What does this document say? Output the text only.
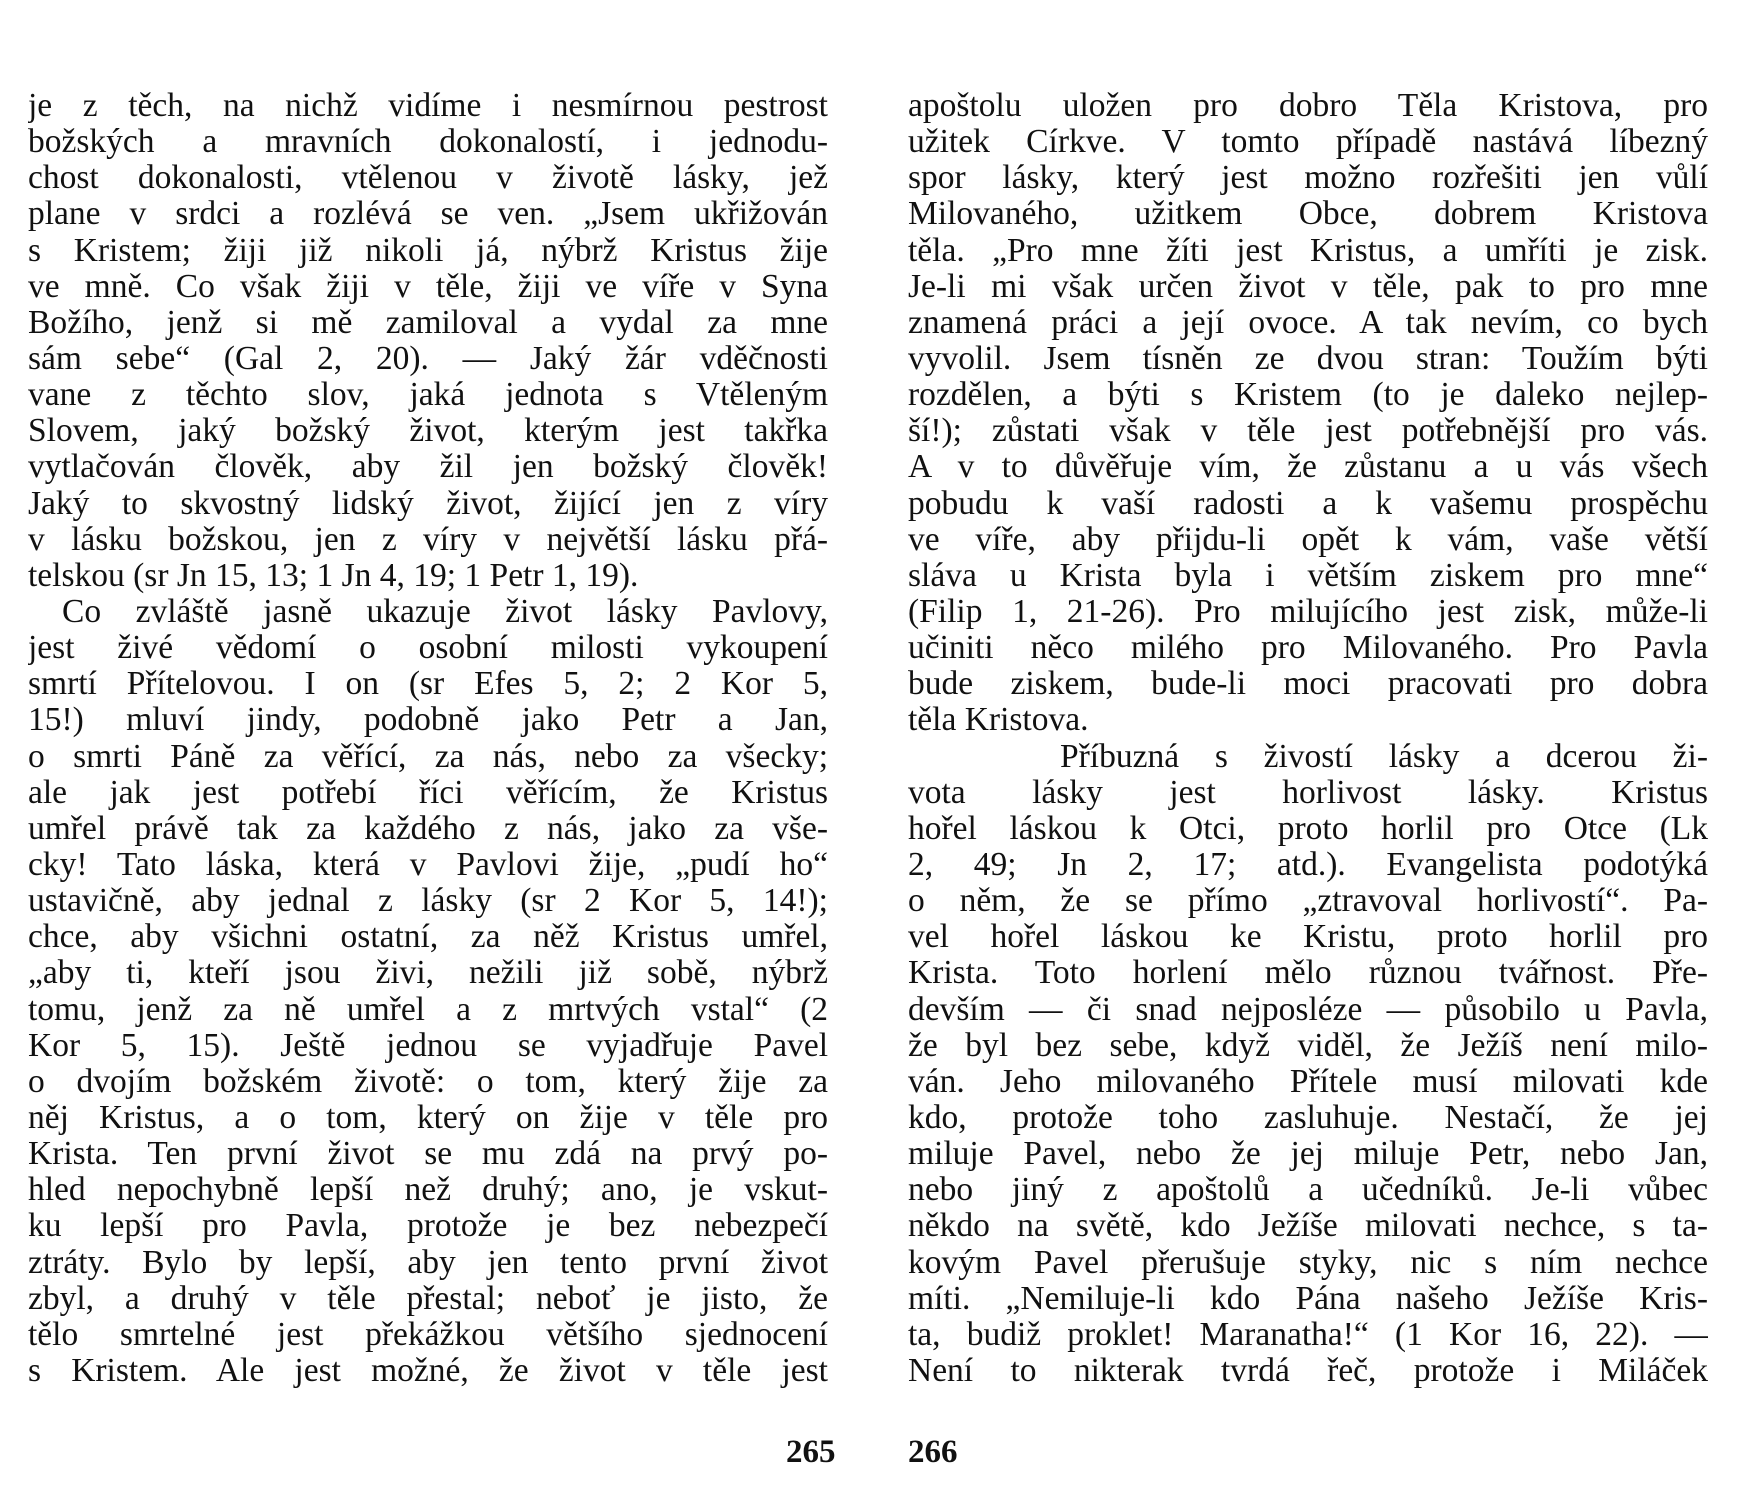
je z těch, na nichž vidíme i nesmírnou pestrost
božských a mravních dokonalostí, i jednodu-
chost dokonalosti, vtělenou v životě lásky, jež
plane v srdci a rozlévá se ven. „Jsem ukřižován
s Kristem; žiji již nikoli já, nýbrž Kristus žije
ve mně. Co však žiji v těle, žiji ve víře v Syna
Božího, jenž si mě zamiloval a vydal za mne
sám sebe“ (Gal 2, 20). — Jaký žár vděčnosti
vane z těchto slov, jaká jednota s Vtěleným
Slovem, jaký božský život, kterým jest takřka
vytlačován člověk, aby žil jen božský člověk!
Jaký to skvostný lidský život, žijící jen z víry
v lásku božskou, jen z víry v největší lásku přá-
telskou (sr Jn 15, 13; 1 Jn 4, 19; 1 Petr 1, 19).
Co zvláště jasně ukazuje život lásky Pavlovy,
jest živé vědomí o osobní milosti vykoupení
smrtí Přítelovou. I on (sr Efes 5, 2; 2 Kor 5,
15!) mluví jindy, podobně jako Petr a Jan,
o smrti Páně za věřící, za nás, nebo za všecky;
ale jak jest potřebí říci věřícím, že Kristus
umřel právě tak za každého z nás, jako za vše-
cky! Tato láska, která v Pavlovi žije, „pudí ho“
ustavičně, aby jednal z lásky (sr 2 Kor 5, 14!);
chce, aby všichni ostatní, za něž Kristus umřel,
„aby ti, kteří jsou živi, nežili již sobě, nýbrž
tomu, jenž za ně umřel a z mrtvých vstal“ (2
Kor 5, 15). Ještě jednou se vyjadřuje Pavel
o dvojím božském životě: o tom, který žije za
něj Kristus, a o tom, který on žije v těle pro
Krista. Ten první život se mu zdá na prvý po-
hled nepochybně lepší než druhý; ano, je vskut-
ku lepší pro Pavla, protože je bez nebezpečí
ztráty. Bylo by lepší, aby jen tento první život
zbyl, a druhý v těle přestal; neboť je jisto, že
tělo smrtelné jest překážkou většího sjednocení
s Kristem. Ale jest možné, že život v těle jest
apoštolu uložen pro dobro Těla Kristova, pro
užitek Církve. V tomto případě nastává líbezný
spor lásky, který jest možno rozřešiti jen vůlí
Milovaného, užitkem Obce, dobrem Kristova
těla. „Pro mne žíti jest Kristus, a umříti je zisk.
Je-li mi však určen život v těle, pak to pro mne
znamená práci a její ovoce. A tak nevím, co bych
vyvolil. Jsem tísněn ze dvou stran: Toužím býti
rozdělen, a býti s Kristem (to je daleko nejlep-
ší!); zůstati však v těle jest potřebnější pro vás.
A v to důvěřuje vím, že zůstanu a u vás všech
pobudu k vaší radosti a k vašemu prospěchu
ve víře, aby přijdu-li opět k vám, vaše větší
sláva u Krista byla i větším ziskem pro mne“
(Filip 1, 21-26). Pro milujícího jest zisk, může-li
učiniti něco milého pro Milovaného. Pro Pavla
bude ziskem, bude-li moci pracovati pro dobra
těla Kristova.
Příbuzná s živostí lásky a dcerou ži-
vota lásky jest horlivost lásky. Kristus
hořel láskou k Otci, proto horlil pro Otce (Lk
2, 49; Jn 2, 17; atd.). Evangelista podotýká
o něm, že se přímo „ztravoval horlivostí“. Pa-
vel hořel láskou ke Kristu, proto horlil pro
Krista. Toto horlení mělo různou tvářnost. Pře-
devším — či snad nejposléze — působilo u Pavla,
že byl bez sebe, když viděl, že Ježíš není milo-
ván. Jeho milovaného Přítele musí milovati kde
kdo, protože toho zasluhuje. Nestačí, že jej
miluje Pavel, nebo že jej miluje Petr, nebo Jan,
nebo jiný z apoštolů a učedníků. Je-li vůbec
někdo na světě, kdo Ježíše milovati nechce, s ta-
kovým Pavel přerušuje styky, nic s ním nechce
míti. „Nemiluje-li kdo Pána našeho Ježíše Kris-
ta, budiž proklet! Maranatha!“ (1 Kor 16, 22). —
Není to nikterak tvrdá řeč, protože i Miláček
265 266
